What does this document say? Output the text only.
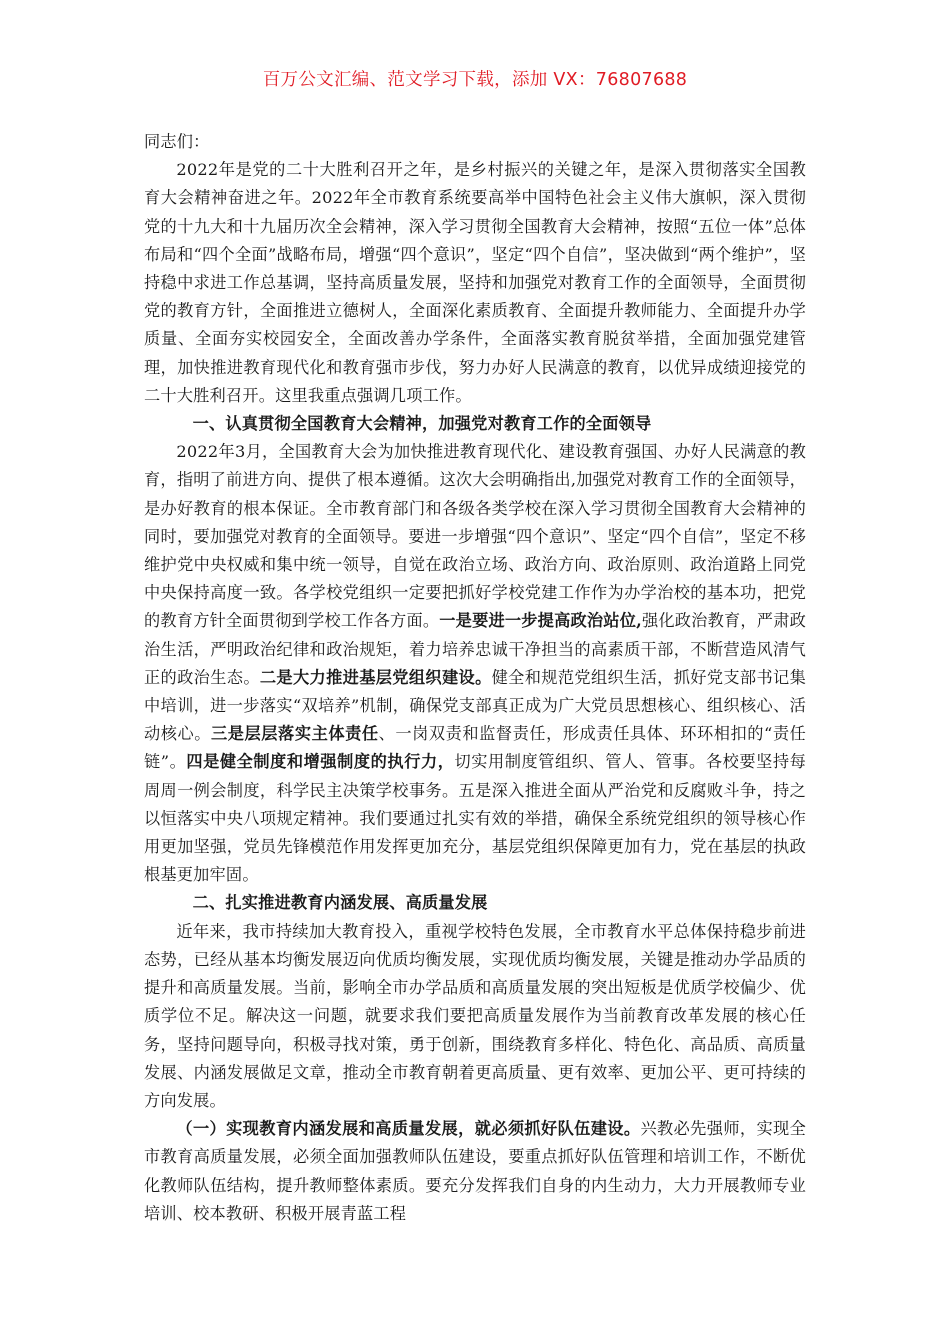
百万公文汇编、范文学习下载，添加 VX：76807688

同志们：

2022年是党的二十大胜利召开之年，是乡村振兴的关键之年，是深入贯彻落实全国教育大会精神奋进之年。2022年全市教育系统要高举中国特色社会主义伟大旗帜，深入贯彻党的十九大和十九届历次全会精神，深入学习贯彻全国教育大会精神，按照“五位一体”总体布局和“四个全面”战略布局，增强“四个意识”，坚定“四个自信”，坚决做到“两个维护”，坚持稳中求进工作总基调，坚持高质量发展，坚持和加强党对教育工作的全面领导，全面贯彻党的教育方针，全面推进立德树人，全面深化素质教育、全面提升教师能力、全面提升办学质量、全面夯实校园安全，全面改善办学条件，全面落实教育脱贫举措，全面加强党建管理，加快推进教育现代化和教育强市步伐，努力办好人民满意的教育，以优异成绩迎接党的二十大胜利召开。这里我重点强调几项工作。

一、认真贯彻全国教育大会精神，加强党对教育工作的全面领导

2022年3月，全国教育大会为加快推进教育现代化、建设教育强国、办好人民满意的教育，指明了前进方向、提供了根本遵循。这次大会明确指出,加强党对教育工作的全面领导，是办好教育的根本保证。全市教育部门和各级各类学校在深入学习贯彻全国教育大会精神的同时，要加强党对教育的全面领导。要进一步增强“四个意识”、坚定“四个自信”，坚定不移维护党中央权威和集中统一领导，自觉在政治立场、政治方向、政治原则、政治道路上同党中央保持高度一致。各学校党组织一定要把抓好学校党建工作作为办学治校的基本功，把党的教育方针全面贯彻到学校工作各方面。一是要进一步提高政治站位,强化政治教育，严肃政治生活，严明政治纪律和政治规矩，着力培养忠诚干净担当的高素质干部，不断营造风清气正的政治生态。二是大力推进基层党组织建设。健全和规范党组织生活，抓好党支部书记集中培训，进一步落实“双培养”机制，确保党支部真正成为广大党员思想核心、组织核心、活动核心。三是层层落实主体责任、一岗双责和监督责任，形成责任具体、环环相扣的“责任链”。四是健全制度和增强制度的执行力，切实用制度管组织、管人、管事。各校要坚持每周周一例会制度，科学民主决策学校事务。五是深入推进全面从严治党和反腐败斗争，持之以恒落实中央八项规定精神。我们要通过扎实有效的举措，确保全系统党组织的领导核心作用更加坚强，党员先锋模范作用发挥更加充分，基层党组织保障更加有力，党在基层的执政根基更加牢固。

二、扎实推进教育内涵发展、高质量发展

近年来，我市持续加大教育投入，重视学校特色发展，全市教育水平总体保持稳步前进态势，已经从基本均衡发展迈向优质均衡发展，实现优质均衡发展，关键是推动办学品质的提升和高质量发展。当前，影响全市办学品质和高质量发展的突出短板是优质学校偏少、优质学位不足。解决这一问题，就要求我们要把高质量发展作为当前教育改革发展的核心任务，坚持问题导向，积极寻找对策，勇于创新，围绕教育多样化、特色化、高品质、高质量发展、内涵发展做足文章，推动全市教育朝着更高质量、更有效率、更加公平、更可持续的方向发展。

（一）实现教育内涵发展和高质量发展，就必须抓好队伍建设。兴教必先强师，实现全市教育高质量发展，必须全面加强教师队伍建设，要重点抓好队伍管理和培训工作，不断优化教师队伍结构，提升教师整体素质。要充分发挥我们自身的内生动力，大力开展教师专业培训、校本教研、积极开展青蓝工程
